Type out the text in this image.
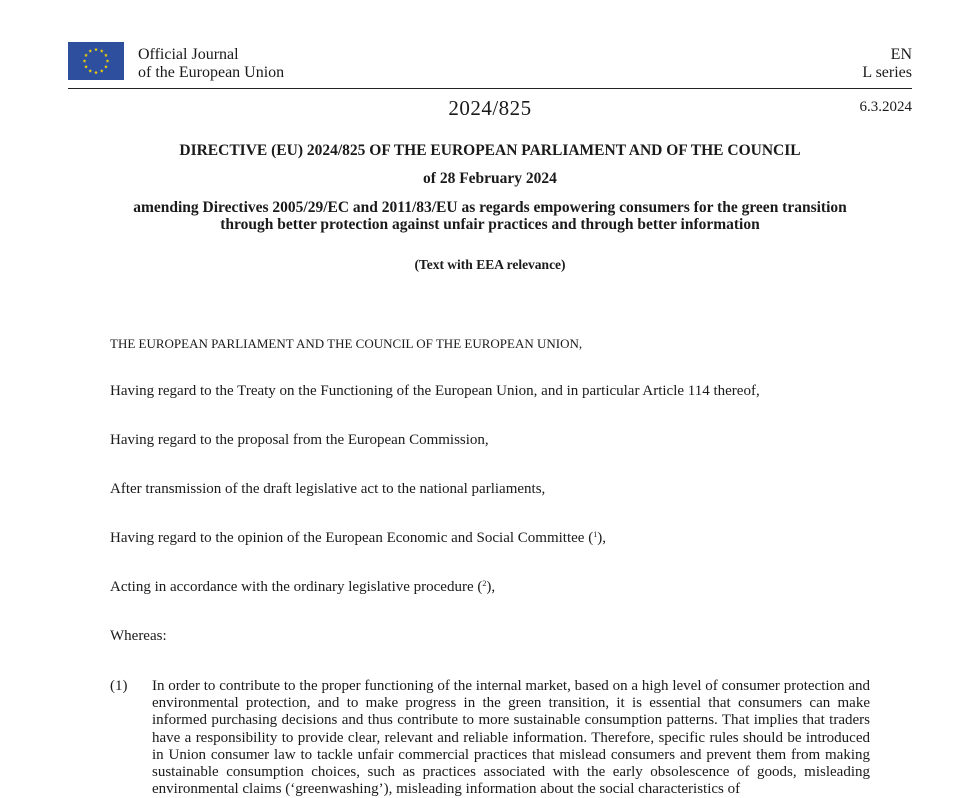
Official Journal
of the European Union
EN
L series
2024/825	6.3.2024
DIRECTIVE (EU) 2024/825 OF THE EUROPEAN PARLIAMENT AND OF THE COUNCIL
of 28 February 2024
amending Directives 2005/29/EC and 2011/83/EU as regards empowering consumers for the green transition through better protection against unfair practices and through better information
(Text with EEA relevance)
THE EUROPEAN PARLIAMENT AND THE COUNCIL OF THE EUROPEAN UNION,
Having regard to the Treaty on the Functioning of the European Union, and in particular Article 114 thereof,
Having regard to the proposal from the European Commission,
After transmission of the draft legislative act to the national parliaments,
Having regard to the opinion of the European Economic and Social Committee ($^1$),
Acting in accordance with the ordinary legislative procedure ($^2$),
Whereas:
(1) In order to contribute to the proper functioning of the internal market, based on a high level of consumer protection and environmental protection, and to make progress in the green transition, it is essential that consumers can make informed purchasing decisions and thus contribute to more sustainable consumption patterns. That implies that traders have a responsibility to provide clear, relevant and reliable information. Therefore, specific rules should be introduced in Union consumer law to tackle unfair commercial practices that mislead consumers and prevent them from making sustainable consumption choices, such as practices associated with the early obsolescence of goods, misleading environmental claims (‘greenwashing’), misleading information about the social characteristics of
